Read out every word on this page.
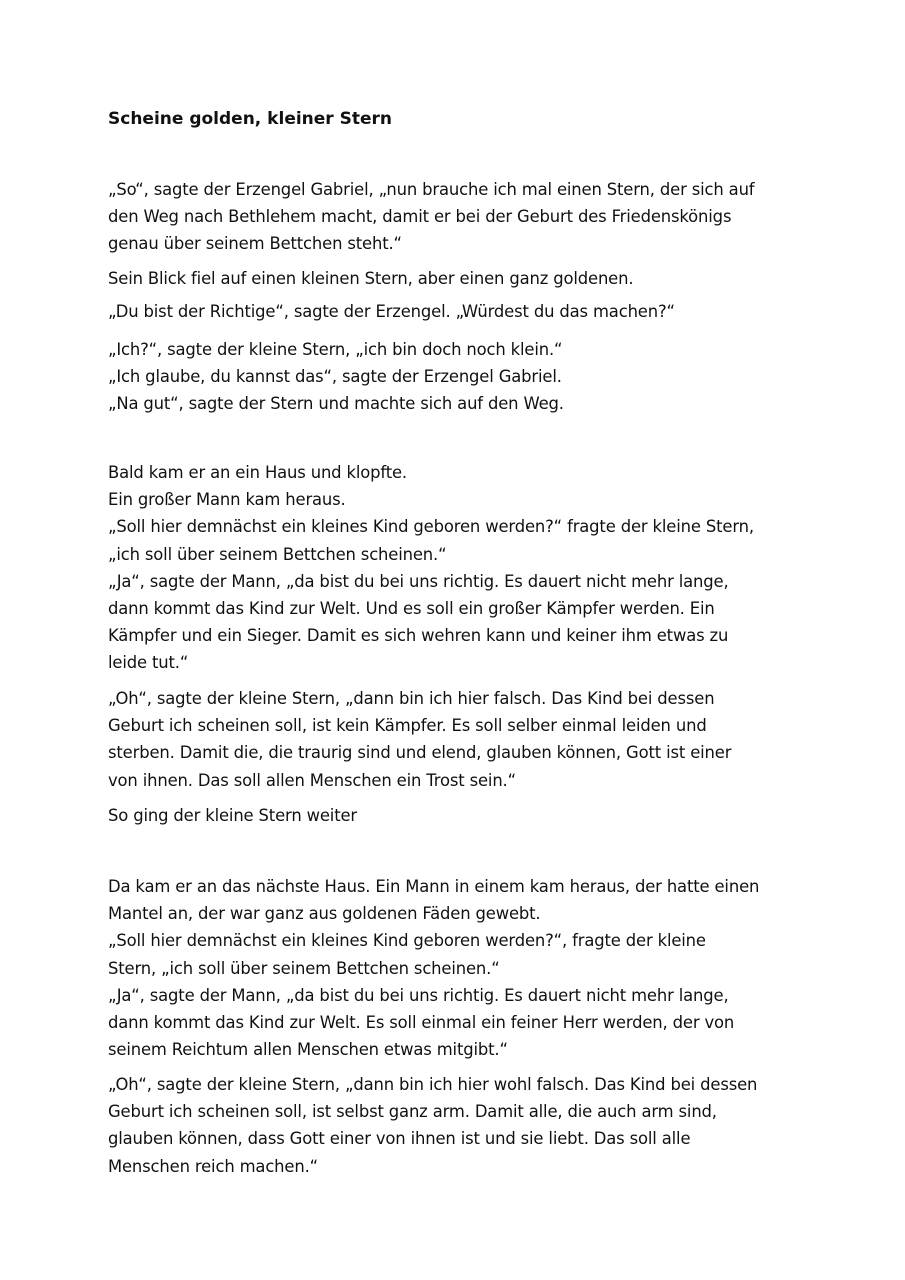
Scheine golden, kleiner Stern
„So“, sagte der Erzengel Gabriel, „nun brauche ich mal einen Stern, der sich auf
den Weg nach Bethlehem macht, damit er bei der Geburt des Friedenskönigs
genau über seinem Bettchen steht.“
Sein Blick fiel auf einen kleinen Stern, aber einen ganz goldenen.
„Du bist der Richtige“, sagte der Erzengel. „Würdest du das machen?“
„Ich?“, sagte der kleine Stern, „ich bin doch noch klein.“
„Ich glaube, du kannst das“, sagte der Erzengel Gabriel.
„Na gut“, sagte der Stern und machte sich auf den Weg.
Bald kam er an ein Haus und klopfte.
Ein großer Mann kam heraus.
„Soll hier demnächst ein kleines Kind geboren werden?“ fragte der kleine Stern,
„ich soll über seinem Bettchen scheinen.“
„Ja“, sagte der Mann, „da bist du bei uns richtig. Es dauert nicht mehr lange,
dann kommt das Kind zur Welt. Und es soll ein großer Kämpfer werden. Ein
Kämpfer und ein Sieger. Damit es sich wehren kann und keiner ihm etwas zu
leide tut.“
„Oh“, sagte der kleine Stern, „dann bin ich hier falsch. Das Kind bei dessen
Geburt ich scheinen soll, ist kein Kämpfer. Es soll selber einmal leiden und
sterben. Damit die, die traurig sind und elend, glauben können, Gott ist einer
von ihnen. Das soll allen Menschen ein Trost sein.“
So ging der kleine Stern weiter
Da kam er an das nächste Haus. Ein Mann in einem kam heraus, der hatte einen
Mantel an, der war ganz aus goldenen Fäden gewebt.
„Soll hier demnächst ein kleines Kind geboren werden?“, fragte der kleine
Stern, „ich soll über seinem Bettchen scheinen.“
„Ja“, sagte der Mann, „da bist du bei uns richtig. Es dauert nicht mehr lange,
dann kommt das Kind zur Welt. Es soll einmal ein feiner Herr werden, der von
seinem Reichtum allen Menschen etwas mitgibt.“
„Oh“, sagte der kleine Stern, „dann bin ich hier wohl falsch. Das Kind bei dessen
Geburt ich scheinen soll, ist selbst ganz arm. Damit alle, die auch arm sind,
glauben können, dass Gott einer von ihnen ist und sie liebt. Das soll alle
Menschen reich machen.“
